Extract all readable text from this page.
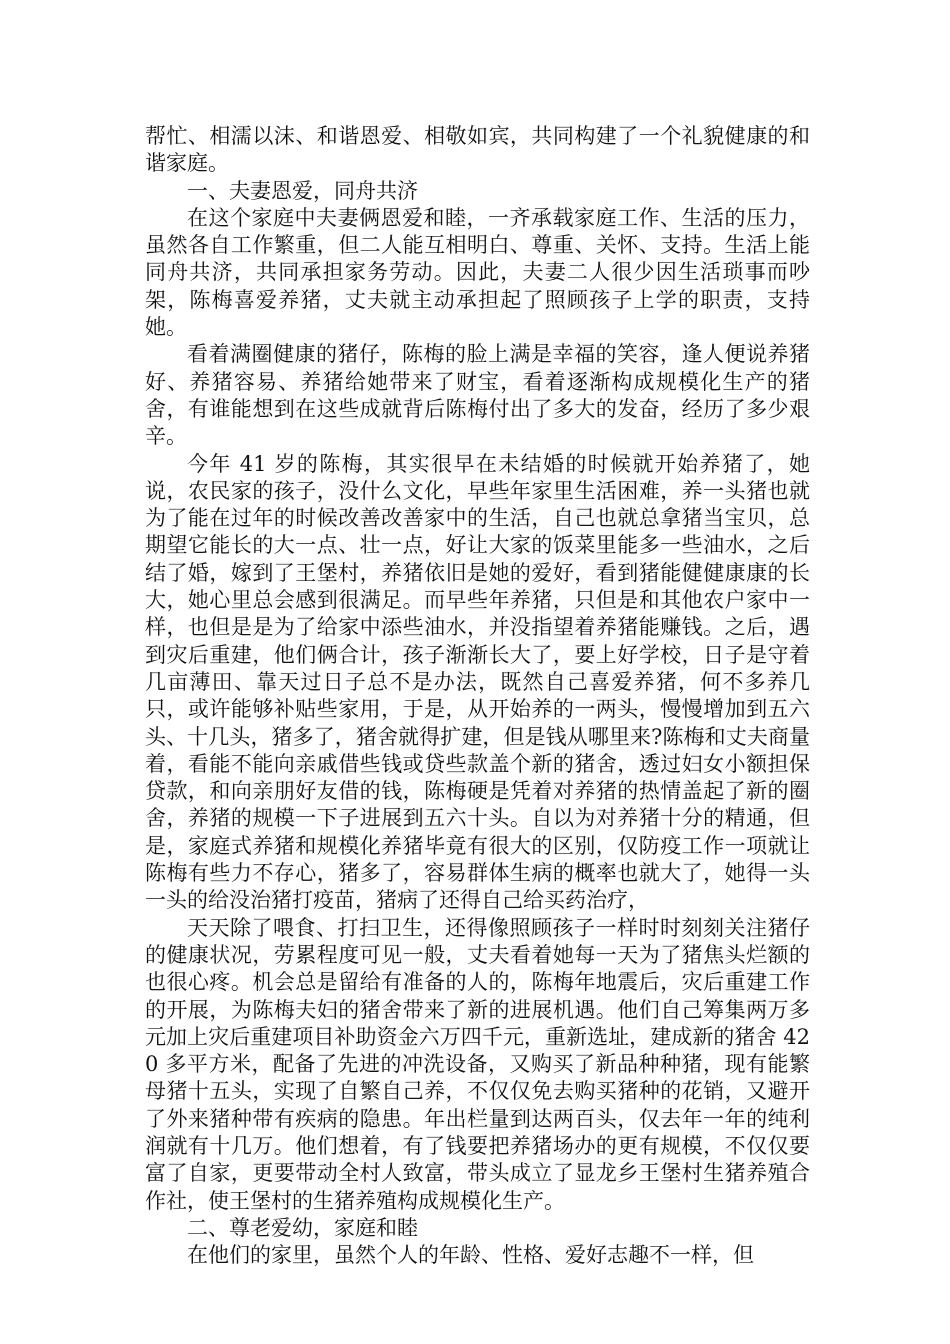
帮忙、相濡以沫、和谐恩爱、相敬如宾，共同构建了一个礼貌健康的和谐家庭。

一、夫妻恩爱，同舟共济

在这个家庭中夫妻俩恩爱和睦，一齐承载家庭工作、生活的压力，虽然各自工作繁重，但二人能互相明白、尊重、关怀、支持。生活上能同舟共济，共同承担家务劳动。因此，夫妻二人很少因生活琐事而吵架，陈梅喜爱养猪，丈夫就主动承担起了照顾孩子上学的职责，支持她。

看着满圈健康的猪仔，陈梅的脸上满是幸福的笑容，逢人便说养猪好、养猪容易、养猪给她带来了财宝，看着逐渐构成规模化生产的猪舍，有谁能想到在这些成就背后陈梅付出了多大的发奋，经历了多少艰辛。

今年 41 岁的陈梅，其实很早在未结婚的时候就开始养猪了，她说，农民家的孩子，没什么文化，早些年家里生活困难，养一头猪也就为了能在过年的时候改善改善家中的生活，自己也就总拿猪当宝贝，总期望它能长的大一点、壮一点，好让大家的饭菜里能多一些油水，之后结了婚，嫁到了王堡村，养猪依旧是她的爱好，看到猪能健健康康的长大，她心里总会感到很满足。而早些年养猪，只但是和其他农户家中一样，也但是是为了给家中添些油水，并没指望着养猪能赚钱。之后，遇到灾后重建，他们俩合计，孩子渐渐长大了，要上好学校，日子是守着几亩薄田、靠天过日子总不是办法，既然自己喜爱养猪，何不多养几只，或许能够补贴些家用，于是，从开始养的一两头，慢慢增加到五六头、十几头，猪多了，猪舍就得扩建，但是钱从哪里来?陈梅和丈夫商量着，看能不能向亲戚借些钱或贷些款盖个新的猪舍，透过妇女小额担保贷款，和向亲朋好友借的钱，陈梅硬是凭着对养猪的热情盖起了新的圈舍，养猪的规模一下子进展到五六十头。自以为对养猪十分的精通，但是，家庭式养猪和规模化养猪毕竟有很大的区别，仅防疫工作一项就让陈梅有些力不存心，猪多了，容易群体生病的概率也就大了，她得一头一头的给没治猪打疫苗，猪病了还得自己给买药治疗，

天天除了喂食、打扫卫生，还得像照顾孩子一样时时刻刻关注猪仔的健康状况，劳累程度可见一般，丈夫看着她每一天为了猪焦头烂额的也很心疼。机会总是留给有准备的人的，陈梅年地震后，灾后重建工作的开展，为陈梅夫妇的猪舍带来了新的进展机遇。他们自己筹集两万多元加上灾后重建项目补助资金六万四千元，重新选址，建成新的猪舍 420 多平方米，配备了先进的冲洗设备，又购买了新品种种猪，现有能繁母猪十五头，实现了自繁自己养，不仅仅免去购买猪种的花销，又避开了外来猪种带有疾病的隐患。年出栏量到达两百头，仅去年一年的纯利润就有十几万。他们想着，有了钱要把养猪场办的更有规模，不仅仅要富了自家，更要带动全村人致富，带头成立了显龙乡王堡村生猪养殖合作社，使王堡村的生猪养殖构成规模化生产。

二、尊老爱幼，家庭和睦

在他们的家里，虽然个人的年龄、性格、爱好志趣不一样，但
